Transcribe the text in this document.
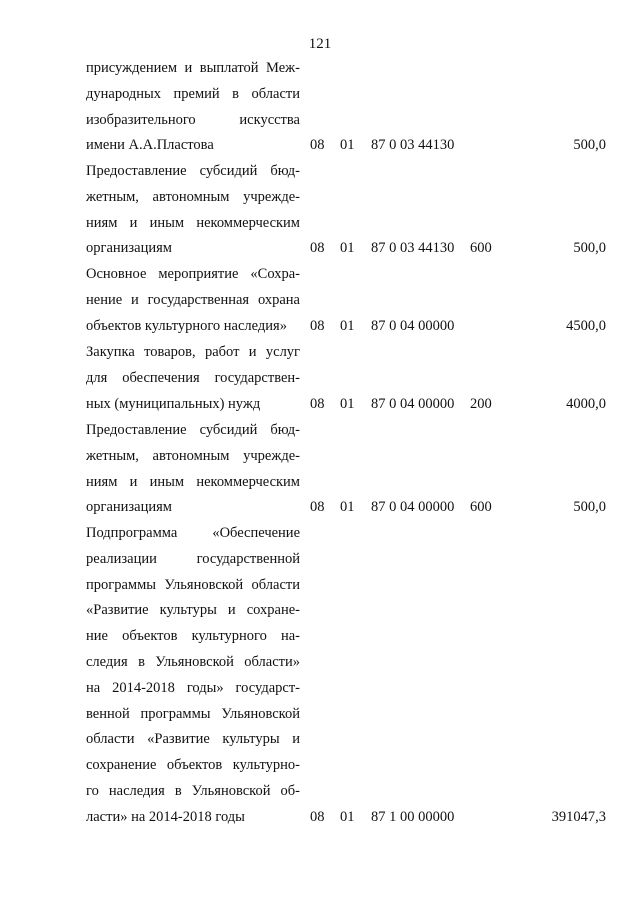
121
присуждением и выплатой Меж-
дународных премий в области
изобразительного искусства
имени А.А.Пластова	08 01 87 0 03 44130	500,0
Предоставление субсидий бюд-
жетным, автономным учрежде-
ниям и иным некоммерческим
организациям	08 01 87 0 03 44130 600	500,0
Основное мероприятие «Сохра-
нение и государственная охрана
объектов культурного наследия»	08 01 87 0 04 00000	4500,0
Закупка товаров, работ и услуг
для обеспечения государствен-
ных (муниципальных) нужд	08 01 87 0 04 00000 200	4000,0
Предоставление субсидий бюд-
жетным, автономным учрежде-
ниям и иным некоммерческим
организациям	08 01 87 0 04 00000 600	500,0
Подпрограмма «Обеспечение
реализации государственной
программы Ульяновской области
«Развитие культуры и сохране-
ние объектов культурного на-
следия в Ульяновской области»
на 2014-2018 годы» государст-
венной программы Ульяновской
области «Развитие культуры и
сохранение объектов культурно-
го наследия в Ульяновской об-
ласти» на 2014-2018 годы	08 01 87 1 00 00000	391047,3
